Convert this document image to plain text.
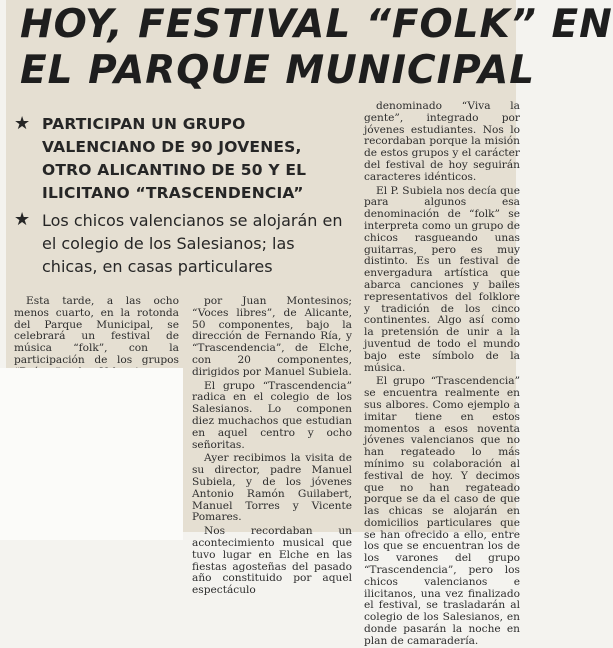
HOY, FESTIVAL “FOLK” EN
EL PARQUE MUNICIPAL

★ PARTICIPAN UN GRUPO VALENCIANO DE 90 JOVENES, OTRO ALICANTINO DE 50 Y EL ILICITANO “TRASCENDENCIA”

★ Los chicos valencianos se alojarán en el colegio de los Salesianos; las chicas, en casas particulares

Esta tarde, a las ocho menos cuarto, en la rotonda del Parque Municipal, se celebrará un festival de música “folk”, con la participación de los grupos

por Juan Montesinos; “Voces libres”, de Alicante, 50 componentes, bajo la dirección de Fernando Ría, y “Trascendencia”, de Elche, con 20 componentes, dirigidos por Manuel Subiela.

El grupo “Trascendencia” radica en el colegio de los Salesianos. Lo componen diez muchachos que estudian en aquel centro y ocho señoritas.

Ayer recibimos la visita de su director, padre Manuel Subiela, y de los jóvenes Antonio Ramón Guilabert, Manuel Torres y Vicente Pomares.

Nos recordaban un acontecimiento musical que tuvo lugar en Elche en las fiestas agosteñas del pasado año constituido por aquel espectáculo

denominado “Viva la gente”, integrado por jóvenes estudiantes. Nos lo recordaban porque la misión de estos grupos y el carácter del festival de hoy seguirán caracteres idénticos.

El P. Subiela nos decía que para algunos esa denominación de “folk” se interpreta como un grupo de chicos rasgueando unas guitarras, pero es muy distinto. Es un festival de envergadura artística que abarca canciones y bailes representativos del folklore y tradición de los cinco continentes. Algo así como la pretensión de unir a la juventud de todo el mundo bajo este símbolo de la música.

El grupo “Trascendencia” se encuentra realmente en sus albores. Como ejemplo a imitar tiene en estos momentos a esos noventa jóvenes valencianos que no han regateado lo más mínimo su colaboración al festival de hoy. Y decimos que no han regateado porque se da el caso de que las chicas se alojarán en domicilios particulares que se han ofrecido a ello, entre los que se encuentran los de los varones del grupo “Trascendencia”, pero los chicos valencianos e ilicitanos, una vez finalizado el festival, se trasladarán al colegio de los Salesianos, en donde pasarán la noche en plan de camaradería.
